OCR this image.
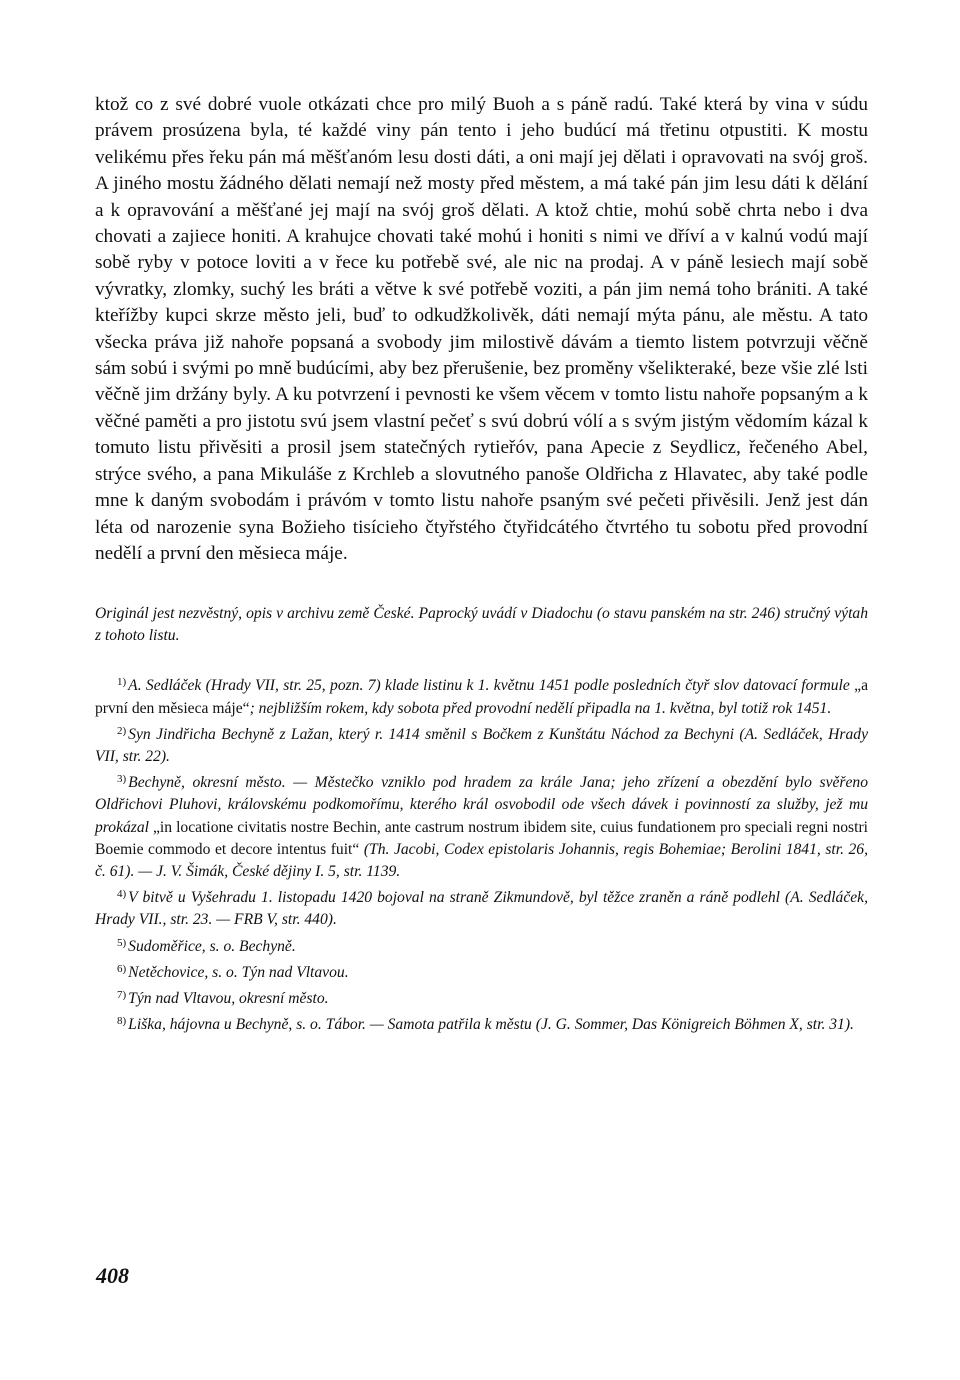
ktož co z své dobré vuole otkázati chce pro milý Buoh a s páně radú. Také která by vina v súdu právem prosúzena byla, té každé viny pán tento i jeho budúcí má třetinu otpustiti. K mostu velikému přes řeku pán má měšťanóm lesu dosti dáti, a oni mají jej dělati i opravovati na svój groš. A jiného mostu žádného dělati nemají než mosty před městem, a má také pán jim lesu dáti k dělání a k opravování a měšťané jej mají na svój groš dělati. A ktož chtie, mohú sobě chrta nebo i dva chovati a zajiece honiti. A krahujce chovati také mohú i honiti s nimi ve dříví a v kalnú vodú mají sobě ryby v potoce loviti a v řece ku potřebě své, ale nic na prodaj. A v páně lesiech mají sobě vývratky, zlomky, suchý les bráti a větve k své potřebě voziti, a pán jim nemá toho brániti. A také kteřížby kupci skrze město jeli, buď to odkudžkolivěk, dáti nemají mýta pánu, ale městu. A tato všecka práva již nahoře popsaná a svobody jim milostivě dávám a tiemto listem potvrzuji věčně sám sobú i svými po mně budúcími, aby bez přerušenie, bez proměny všelikteraké, beze všie zlé lsti věčně jim držány byly. A ku potvrzení i pevnosti ke všem věcem v tomto listu nahoře popsaným a k věčné paměti a pro jistotu svú jsem vlastní pečeť s svú dobrú vólí a s svým jistým vědomím kázal k tomuto listu přivěsiti a prosil jsem statečných rytieřóv, pana Apecie z Seydlicz, řečeného Abel, strýce svého, a pana Mikuláše z Krchleb a slovutného panoše Oldřicha z Hlavatec, aby také podle mne k daným svobodám i právóm v tomto listu nahoře psaným své pečeti přivěsili. Jenž jest dán léta od narozenie syna Božieho tisícieho čtyřstého čtyřidcátého čtvrtého tu sobotu před provodní nedělí a první den měsieca máje.

Originál jest nezvěstný, opis v archivu země České. Paprocký uvádí v Diadochu (o stavu panském na str. 246) stručný výtah z tohoto listu.

$^{1)}$ A. Sedláček (Hrady VII, str. 25, pozn. 7) klade listinu k 1. květnu 1451 podle posledních čtyř slov datovací formule „a první den měsieca máje“; nejbližším rokem, kdy sobota před provodní nedělí připadla na 1. května, byl totiž rok 1451.

$^{2)}$ Syn Jindřicha Bechyně z Lažan, který r. 1414 směnil s Bočkem z Kunštátu Náchod za Bechyni (A. Sedláček, Hrady VII, str. 22).

$^{3)}$ Bechyně, okresní město. — Městečko vzniklo pod hradem za krále Jana; jeho zřízení a obezdění bylo svěřeno Oldřichovi Pluhovi, královskému podkomořímu, kterého král osvobodil ode všech dávek i povinností za služby, jež mu prokázal „in locatione civitatis nostre Bechin, ante castrum nostrum ibidem site, cuius fundationem pro speciali regni nostri Boemie commodo et decore intentus fuit“ (Th. Jacobi, Codex epistolaris Johannis, regis Bohemiae; Berolini 1841, str. 26, č. 61). — J. V. Šimák, České dějiny I. 5, str. 1139.

$^{4)}$ V bitvě u Vyšehradu 1. listopadu 1420 bojoval na straně Zikmundově, byl těžce zraněn a ráně podlehl (A. Sedláček, Hrady VII., str. 23. — FRB V, str. 440).

$^{5)}$ Sudoměřice, s. o. Bechyně.

$^{6)}$ Netěchovice, s. o. Týn nad Vltavou.

$^{7)}$ Týn nad Vltavou, okresní město.

$^{8)}$ Liška, hájovna u Bechyně, s. o. Tábor. — Samota patřila k městu (J. G. Sommer, Das Königreich Böhmen X, str. 31).

408
